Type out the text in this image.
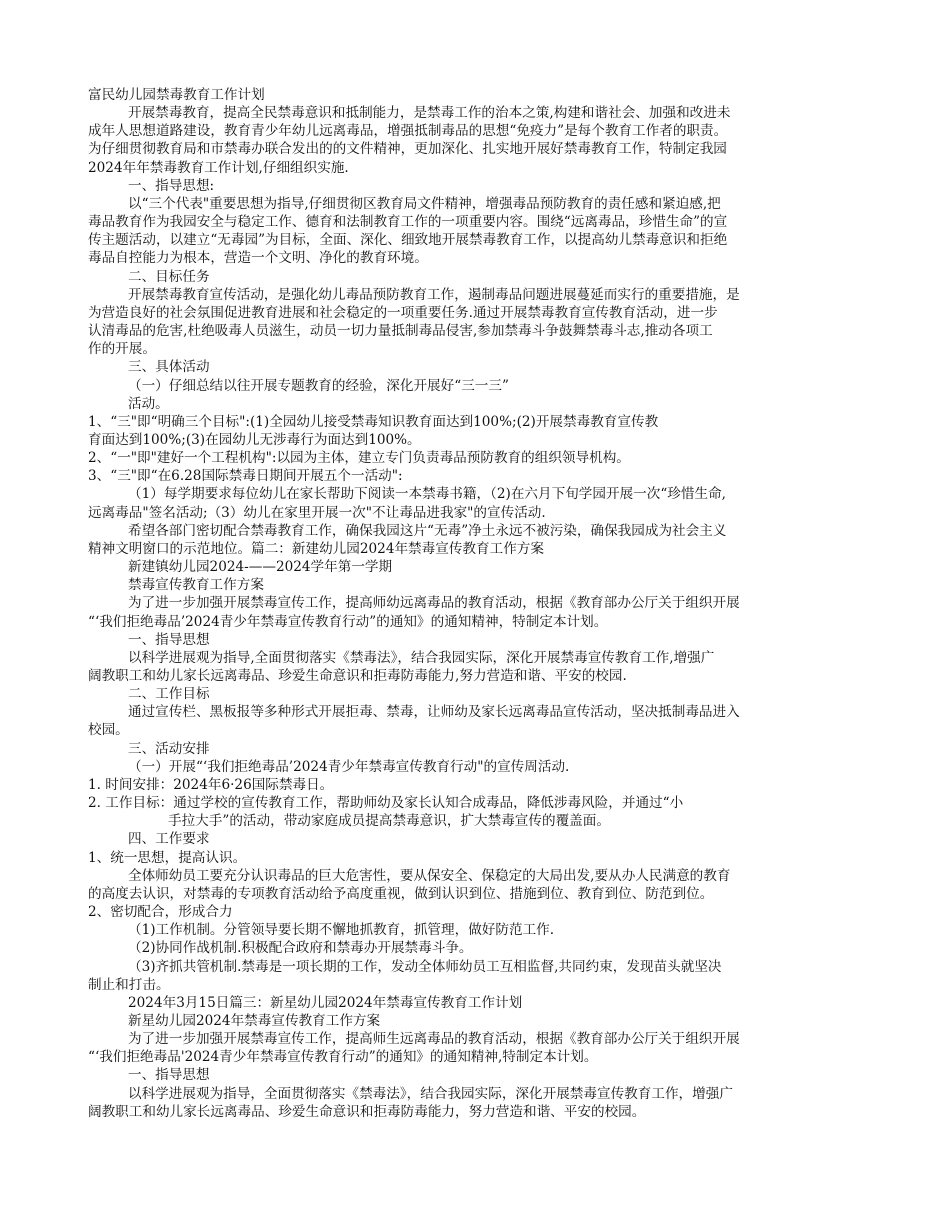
富民幼儿园禁毒教育工作计划
开展禁毒教育，提高全民禁毒意识和抵制能力，是禁毒工作的治本之策,构建和谐社会、加强和改进未
成年人思想道路建设，教育青少年幼儿远离毒品，增强抵制毒品的思想“免疫力”是每个教育工作者的职责。
为仔细贯彻教育局和市禁毒办联合发出的的文件精神，更加深化、扎实地开展好禁毒教育工作，特制定我园
2024年年禁毒教育工作计划,仔细组织实施.
一、指导思想:
以“三个代表"重要思想为指导,仔细贯彻区教育局文件精神，增强毒品预防教育的责任感和紧迫感,把
毒品教育作为我园安全与稳定工作、德育和法制教育工作的一项重要内容。围绕“远离毒品，珍惜生命”的宣
传主题活动，以建立“无毒园”为目标，全面、深化、细致地开展禁毒教育工作，以提高幼儿禁毒意识和拒绝
毒品自控能力为根本，营造一个文明、净化的教育环境。
二、目标任务
开展禁毒教育宣传活动，是强化幼儿毒品预防教育工作，遏制毒品问题进展蔓延而实行的重要措施，是
为营造良好的社会氛围促进教育进展和社会稳定的一项重要任务.通过开展禁毒教育宣传教育活动，进一步
认清毒品的危害,杜绝吸毒人员滋生，动员一切力量抵制毒品侵害,参加禁毒斗争鼓舞禁毒斗志,推动各项工
作的开展。
三、具体活动
（一）仔细总结以往开展专题教育的经验，深化开展好“三一三”
活动。
1、“三"即“明确三个目标":(1)全园幼儿接受禁毒知识教育面达到100%;(2)开展禁毒教育宣传教
育面达到100%;(3)在园幼儿无涉毒行为面达到100%。
2、“一"即"建好一个工程机构":以园为主体，建立专门负责毒品预防教育的组织领导机构。
3、“三"即“在6.28国际禁毒日期间开展五个一活动":
（1）每学期要求每位幼儿在家长帮助下阅读一本禁毒书籍，（2)在六月下旬学园开展一次“珍惜生命,
远离毒品"签名活动;（3）幼儿在家里开展一次"不让毒品进我家"的宣传活动.
希望各部门密切配合禁毒教育工作，确保我园这片“无毒”净土永远不被污染，确保我园成为社会主义
精神文明窗口的示范地位。篇二：新建幼儿园2024年禁毒宣传教育工作方案
新建镇幼儿园2024-——2024学年第一学期
禁毒宣传教育工作方案
为了进一步加强开展禁毒宣传工作，提高师幼远离毒品的教育活动，根据《教育部办公厅关于组织开展
“‘我们拒绝毒品’2024青少年禁毒宣传教育行动”的通知》的通知精神，特制定本计划。
一、指导思想
以科学进展观为指导,全面贯彻落实《禁毒法》，结合我园实际，深化开展禁毒宣传教育工作,增强广
阔教职工和幼儿家长远离毒品、珍爱生命意识和拒毒防毒能力,努力营造和谐、平安的校园.
二、工作目标
通过宣传栏、黑板报等多种形式开展拒毒、禁毒，让师幼及家长远离毒品宣传活动，坚决抵制毒品进入
校园。
三、活动安排
（一）开展“‘我们拒绝毒品’2024青少年禁毒宣传教育行动"的宣传周活动.
1. 时间安排：2024年6·26国际禁毒日。
2. 工作目标：通过学校的宣传教育工作，帮助师幼及家长认知合成毒品，降低涉毒风险，并通过“小
手拉大手”的活动，带动家庭成员提高禁毒意识，扩大禁毒宣传的覆盖面。
四、工作要求
1、统一思想，提高认识。
全体师幼员工要充分认识毒品的巨大危害性，要从保安全、保稳定的大局出发,要从办人民满意的教育
的高度去认识，对禁毒的专项教育活动给予高度重视，做到认识到位、措施到位、教育到位、防范到位。
2、密切配合，形成合力
（1)工作机制。分管领导要长期不懈地抓教育，抓管理，做好防范工作.
（2)协同作战机制.积极配合政府和禁毒办开展禁毒斗争。
（3)齐抓共管机制.禁毒是一项长期的工作，发动全体师幼员工互相监督,共同约束，发现苗头就坚决
制止和打击。
2024年3月15日篇三：新星幼儿园2024年禁毒宣传教育工作计划
新星幼儿园2024年禁毒宣传教育工作方案
为了进一步加强开展禁毒宣传工作，提高师生远离毒品的教育活动，根据《教育部办公厅关于组织开展
“‘我们拒绝毒品'2024青少年禁毒宣传教育行动”的通知》的通知精神,特制定本计划。
一、指导思想
以科学进展观为指导，全面贯彻落实《禁毒法》，结合我园实际，深化开展禁毒宣传教育工作，增强广
阔教职工和幼儿家长远离毒品、珍爱生命意识和拒毒防毒能力，努力营造和谐、平安的校园。
